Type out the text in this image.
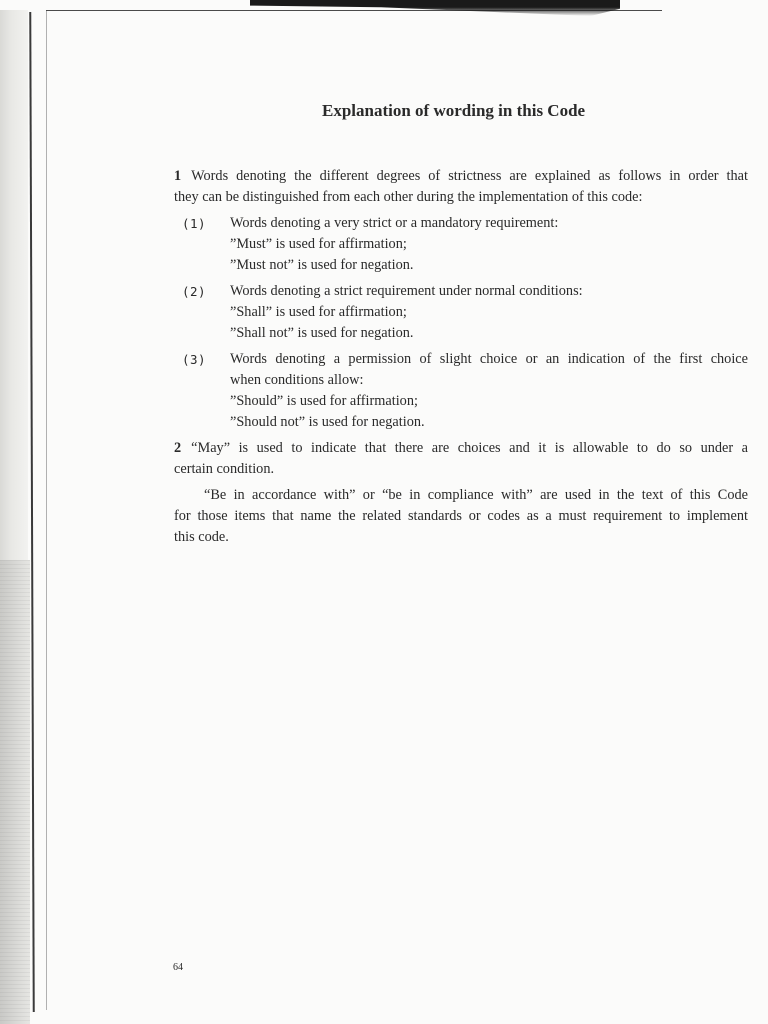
Explanation of wording in this Code
1 Words denoting the different degrees of strictness are explained as follows in order that
they can be distinguished from each other during the implementation of this code:
(1) Words denoting a very strict or a mandatory requirement:
”Must” is used for affirmation;
”Must not” is used for negation.
(2) Words denoting a strict requirement under normal conditions:
”Shall” is used for affirmation;
”Shall not” is used for negation.
(3) Words denoting a permission of slight choice or an indication of the first choice
when conditions allow:
”Should” is used for affirmation;
”Should not” is used for negation.
2 “May” is used to indicate that there are choices and it is allowable to do so under a
certain condition.
“Be in accordance with” or “be in compliance with” are used in the text of this Code
for those items that name the related standards or codes as a must requirement to implement
this code.
64
